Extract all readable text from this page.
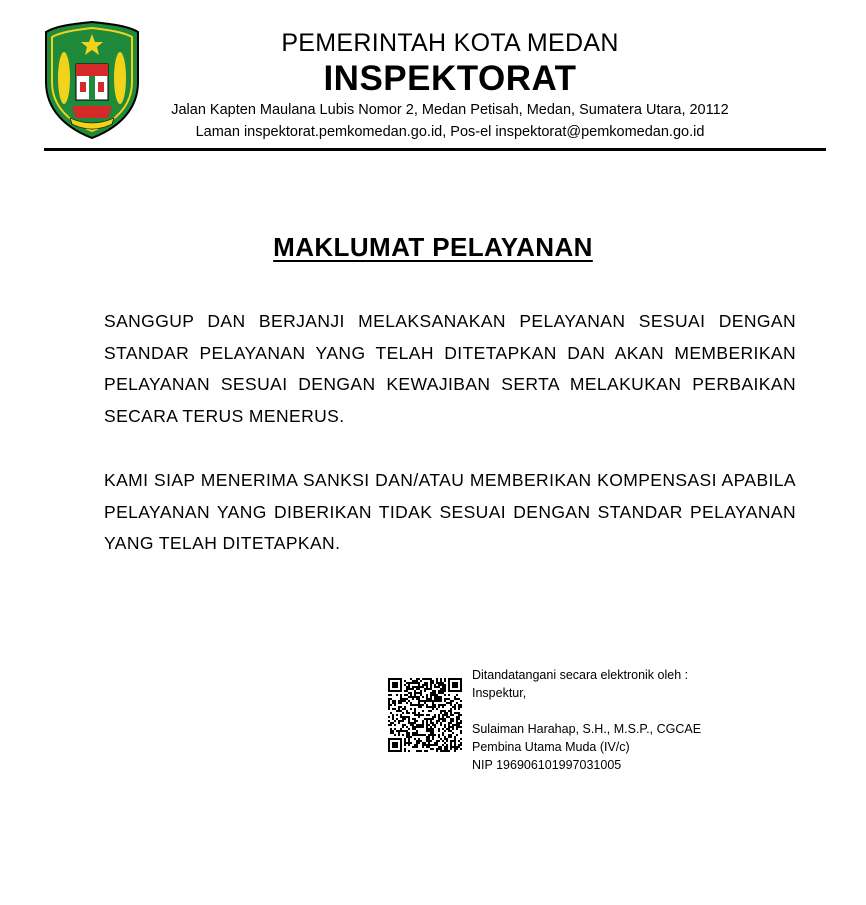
PEMERINTAH KOTA MEDAN
INSPEKTORAT
Jalan Kapten Maulana Lubis Nomor 2, Medan Petisah, Medan, Sumatera Utara, 20112
Laman inspektorat.pemkomedan.go.id, Pos-el inspektorat@pemkomedan.go.id
MAKLUMAT PELAYANAN
SANGGUP DAN BERJANJI MELAKSANAKAN PELAYANAN SESUAI DENGAN STANDAR PELAYANAN YANG TELAH DITETAPKAN DAN AKAN MEMBERIKAN PELAYANAN SESUAI DENGAN KEWAJIBAN SERTA MELAKUKAN PERBAIKAN SECARA TERUS MENERUS.
KAMI SIAP MENERIMA SANKSI DAN/ATAU MEMBERIKAN KOMPENSASI APABILA PELAYANAN YANG DIBERIKAN TIDAK SESUAI DENGAN STANDAR PELAYANAN YANG TELAH DITETAPKAN.
Ditandatangani secara elektronik oleh :
Inspektur,
Sulaiman Harahap, S.H., M.S.P., CGCAE
Pembina Utama Muda (IV/c)
NIP 196906101997031005
